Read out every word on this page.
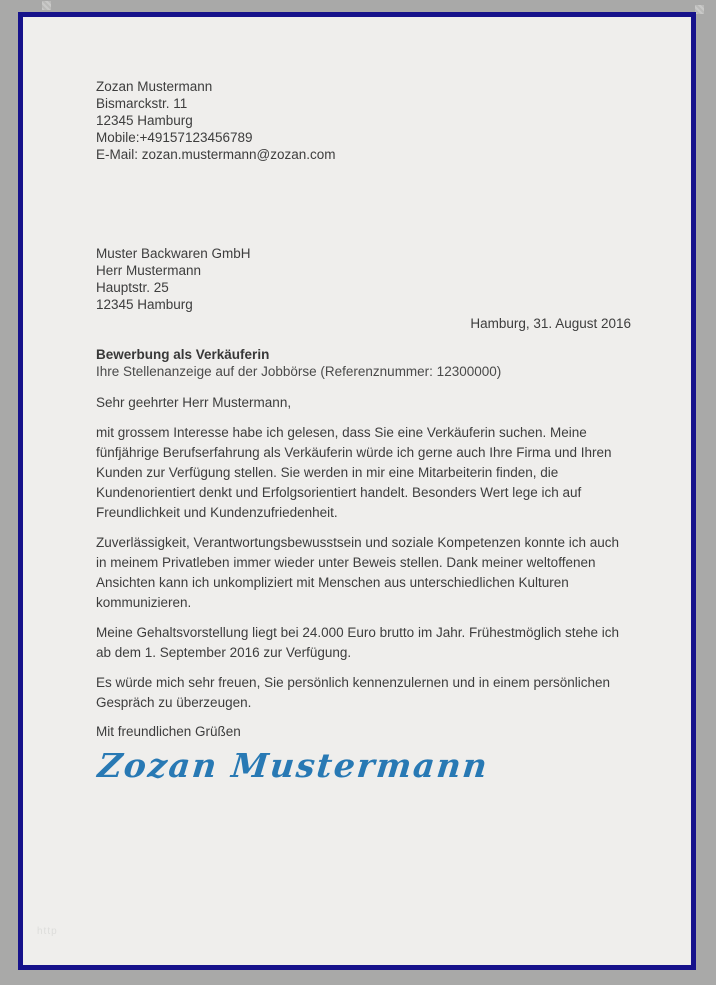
Zozan Mustermann
Bismarckstr. 11
12345 Hamburg
Mobile:+49157123456789
E-Mail: zozan.mustermann@zozan.com
Muster Backwaren GmbH
Herr Mustermann
Hauptstr. 25
12345 Hamburg
Hamburg, 31. August 2016
Bewerbung als Verkäuferin
Ihre Stellenanzeige auf der Jobbörse (Referenznummer: 12300000)
Sehr geehrter Herr Mustermann,

mit grossem Interesse habe ich gelesen, dass Sie eine Verkäuferin suchen. Meine fünfjährige Berufserfahrung als Verkäuferin würde ich gerne auch Ihre Firma und Ihren Kunden zur Verfügung stellen. Sie werden in mir eine Mitarbeiterin finden, die Kundenorientiert denkt und Erfolgsorientiert handelt. Besonders Wert lege ich auf Freundlichkeit und Kundenzufriedenheit.

Zuverlässigkeit, Verantwortungsbewusstsein und soziale Kompetenzen konnte ich auch in meinem Privatleben immer wieder unter Beweis stellen. Dank meiner weltoffenen Ansichten kann ich unkompliziert mit Menschen aus unterschiedlichen Kulturen kommunizieren.

Meine Gehaltsvorstellung liegt bei 24.000 Euro brutto im Jahr. Frühestmöglich stehe ich ab dem 1. September 2016 zur Verfügung.

Es würde mich sehr freuen, Sie persönlich kennenzulernen und in einem persönlichen Gespräch zu überzeugen.

Mit freundlichen Grüßen
Zozan Mustermann
http
